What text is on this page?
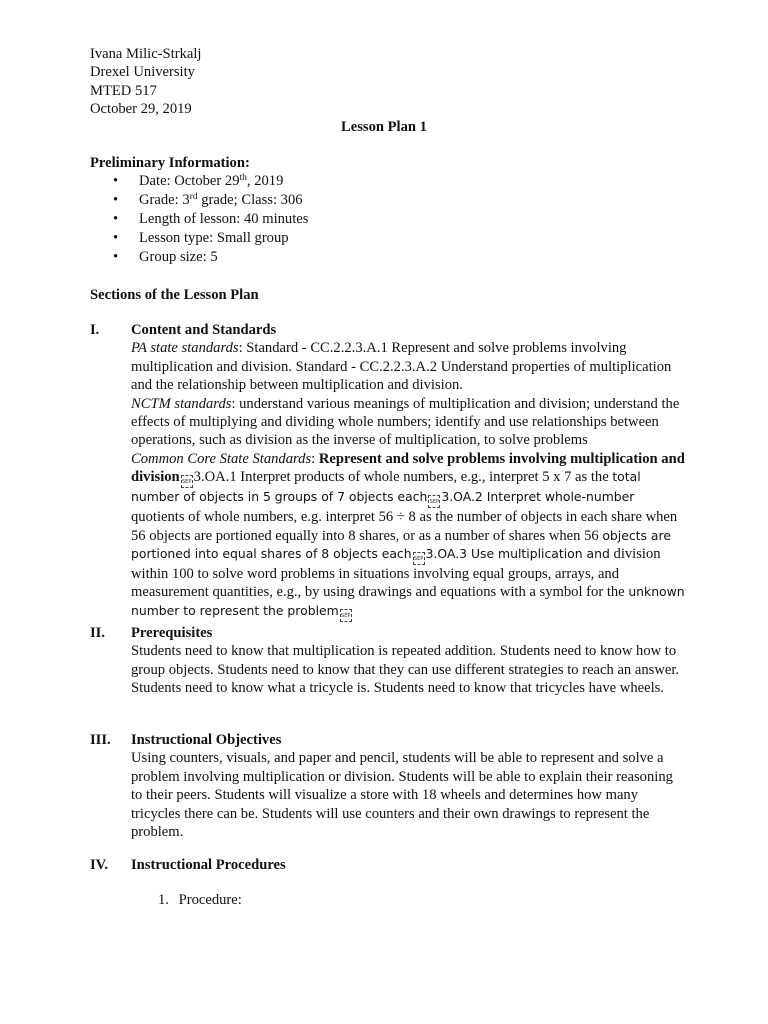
Ivana Milic-Strkalj
Drexel University
MTED 517
October 29, 2019
Lesson Plan 1
Preliminary Information:
• Date: October 29th, 2019
• Grade: 3rd grade; Class: 306
• Length of lesson: 40 minutes
• Lesson type: Small group
• Group size: 5
Sections of the Lesson Plan
I.	Content and Standards

PA state standards: Standard - CC.2.2.3.A.1 Represent and solve problems involving multiplication and division. Standard - CC.2.2.3.A.2 Understand properties of multiplication and the relationship between multiplication and division.

NCTM standards: understand various meanings of multiplication and division; understand the effects of multiplying and dividing whole numbers; identify and use relationships between operations, such as division as the inverse of multiplication, to solve problems

Common Core State Standards: Represent and solve problems involving multiplication and division SEP 3.OA.1 Interpret products of whole numbers, e.g., interpret 5 x 7 as the total number of objects in 5 groups of 7 objects each SEP 3.OA.2 Interpret whole-number quotients of whole numbers, e.g. interpret 56 ÷ 8 as the number of objects in each share when 56 objects are portioned equally into 8 shares, or as a number of shares when 56 objects are portioned into equal shares of 8 objects each SEP 3.OA.3 Use multiplication and division within 100 to solve word problems in situations involving equal groups, arrays, and measurement quantities, e.g., by using drawings and equations with a symbol for the unknown number to represent the problem SEP

II.	Prerequisites

Students need to know that multiplication is repeated addition. Students need to know how to group objects. Students need to know that they can use different strategies to reach an answer. Students need to know what a tricycle is. Students need to know that tricycles have wheels.

III.	Instructional Objectives

Using counters, visuals, and paper and pencil, students will be able to represent and solve a problem involving multiplication or division. Students will be able to explain their reasoning to their peers. Students will visualize a store with 18 wheels and determines how many tricycles there can be. Students will use counters and their own drawings to represent the problem.

IV.	Instructional Procedures
1. Procedure:
